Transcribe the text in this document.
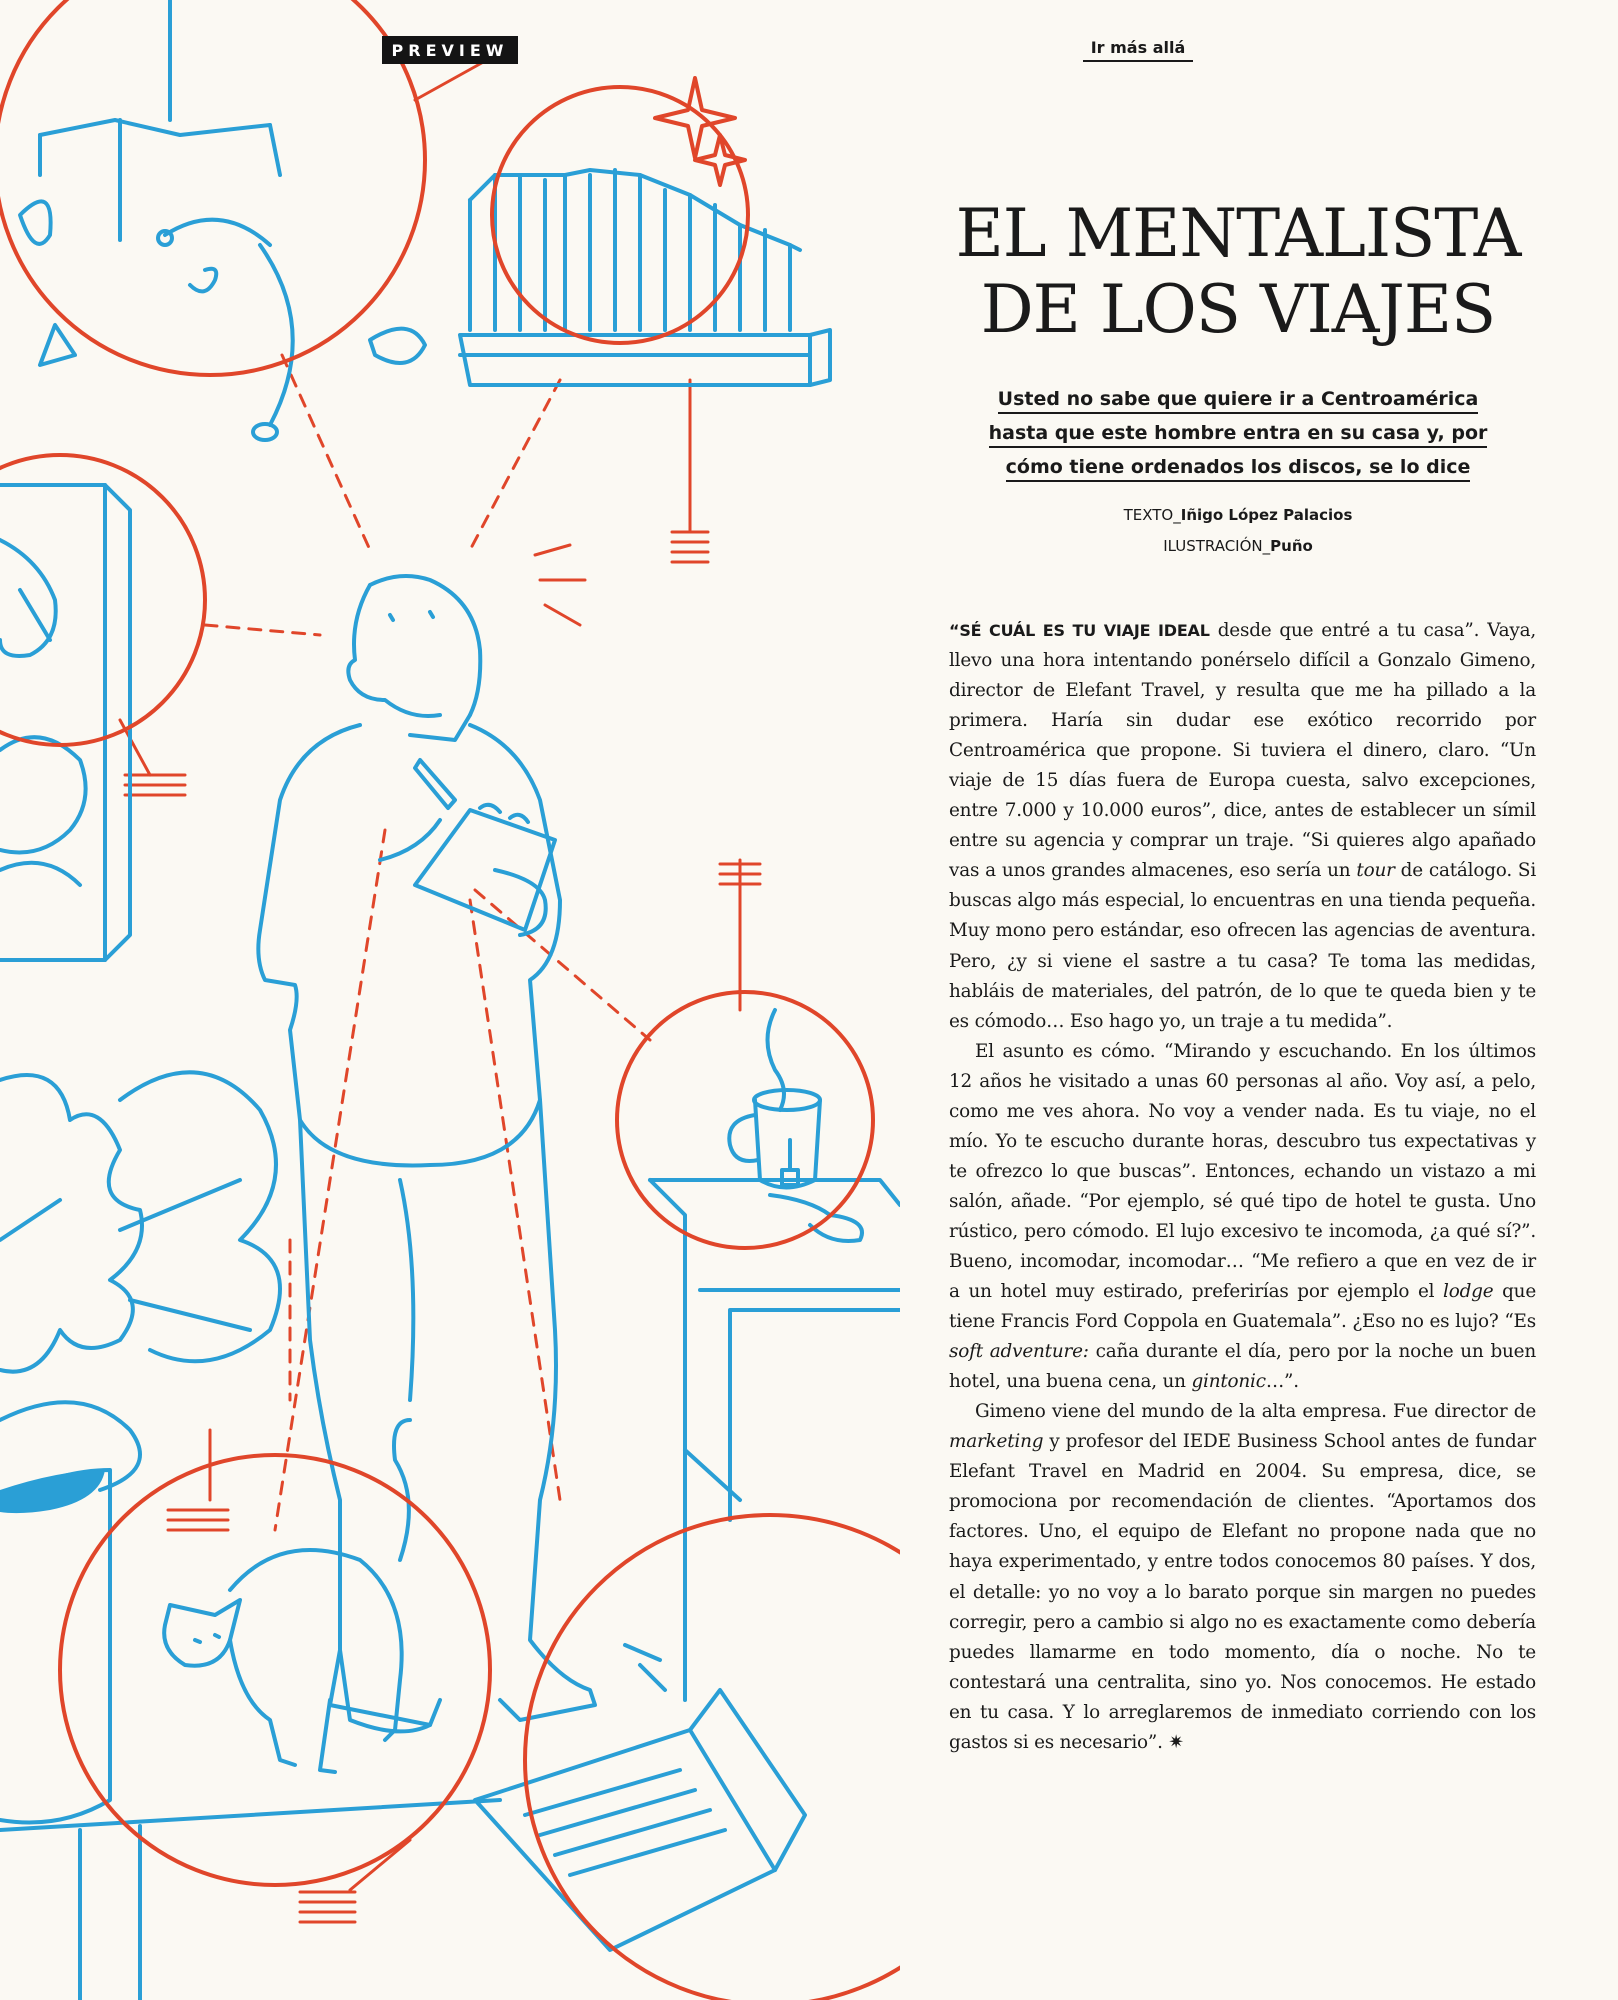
PREVIEW	Ir más allá
EL MENTALISTA
DE LOS VIAJES
Usted no sabe que quiere ir a Centroamérica
hasta que este hombre entra en su casa y, por
cómo tiene ordenados los discos, se lo dice
TEXTO_Iñigo López Palacios
ILUSTRACIÓN_Puño

“SÉ CUÁL ES TU VIAJE IDEAL desde que entré a tu casa”. Vaya, llevo una hora intentando ponérselo difícil a Gonzalo Gimeno, director de Elefant Travel, y resulta que me ha pillado a la primera. Haría sin dudar ese exótico recorrido por Centroamérica que propone. Si tuviera el dinero, claro. “Un viaje de 15 días fuera de Europa cuesta, salvo excepciones, entre 7.000 y 10.000 euros”, dice, antes de establecer un símil entre su agencia y comprar un traje. “Si quieres algo apañado vas a unos grandes almacenes, eso sería un tour de catálogo. Si buscas algo más especial, lo encuentras en una tienda pequeña. Muy mono pero estándar, eso ofrecen las agencias de aventura. Pero, ¿y si viene el sastre a tu casa? Te toma las medidas, habláis de materiales, del patrón, de lo que te queda bien y te es cómodo… Eso hago yo, un traje a tu medida”.

El asunto es cómo. “Mirando y escuchando. En los últimos 12 años he visitado a unas 60 personas al año. Voy así, a pelo, como me ves ahora. No voy a vender nada. Es tu viaje, no el mío. Yo te escucho durante horas, descubro tus expectativas y te ofrezco lo que buscas”. Entonces, echando un vistazo a mi salón, añade. “Por ejemplo, sé qué tipo de hotel te gusta. Uno rústico, pero cómodo. El lujo excesivo te incomoda, ¿a qué sí?”. Bueno, incomodar, incomodar… “Me refiero a que en vez de ir a un hotel muy estirado, preferirías por ejemplo el lodge que tiene Francis Ford Coppola en Guatemala”. ¿Eso no es lujo? “Es soft adventure: caña durante el día, pero por la noche un buen hotel, una buena cena, un gintonic…”.

Gimeno viene del mundo de la alta empresa. Fue director de marketing y profesor del IEDE Business School antes de fundar Elefant Travel en Madrid en 2004. Su empresa, dice, se promociona por recomendación de clientes. “Aportamos dos factores. Uno, el equipo de Elefant no propone nada que no haya experimentado, y entre todos conocemos 80 países. Y dos, el detalle: yo no voy a lo barato porque sin margen no puedes corregir, pero a cambio si algo no es exactamente como debería puedes llamarme en todo momento, día o noche. No te contestará una centralita, sino yo. Nos conocemos. He estado en tu casa. Y lo arreglaremos de inmediato corriendo con los gastos si es necesario”. ✷
